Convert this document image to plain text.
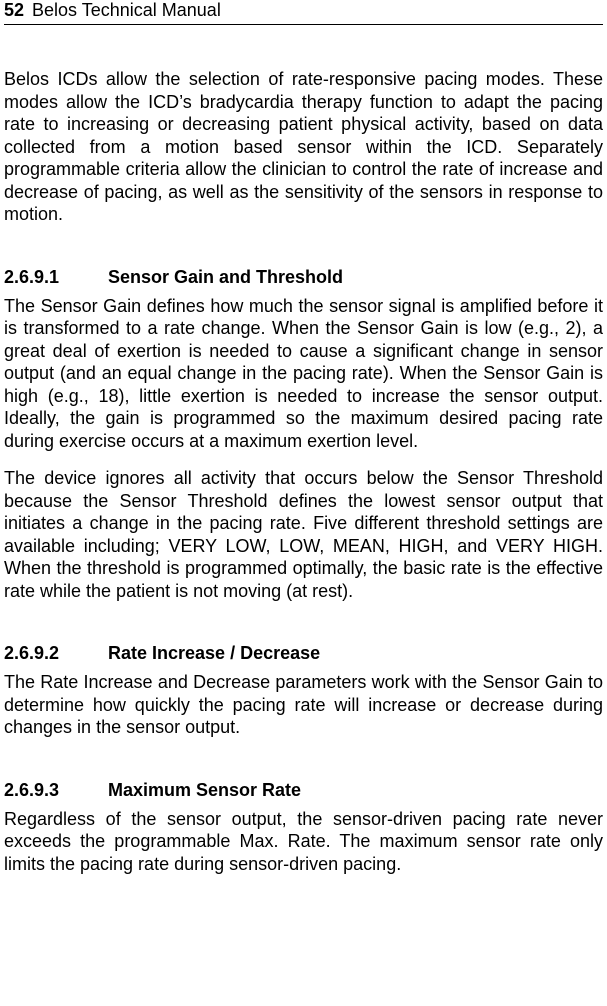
52 Belos Technical Manual

Belos ICDs allow the selection of rate-responsive pacing modes. These modes allow the ICD’s bradycardia therapy function to adapt the pacing rate to increasing or decreasing patient physical activity, based on data collected from a motion based sensor within the ICD. Separately programmable criteria allow the clinician to control the rate of increase and decrease of pacing, as well as the sensitivity of the sensors in response to motion.

2.6.9.1	Sensor Gain and Threshold

The Sensor Gain defines how much the sensor signal is amplified before it is transformed to a rate change. When the Sensor Gain is low (e.g., 2), a great deal of exertion is needed to cause a significant change in sensor output (and an equal change in the pacing rate). When the Sensor Gain is high (e.g., 18), little exertion is needed to increase the sensor output. Ideally, the gain is programmed so the maximum desired pacing rate during exercise occurs at a maximum exertion level.

The device ignores all activity that occurs below the Sensor Threshold because the Sensor Threshold defines the lowest sensor output that initiates a change in the pacing rate. Five different threshold settings are available including; VERY LOW, LOW, MEAN, HIGH, and VERY HIGH. When the threshold is programmed optimally, the basic rate is the effective rate while the patient is not moving (at rest).

2.6.9.2	Rate Increase / Decrease

The Rate Increase and Decrease parameters work with the Sensor Gain to determine how quickly the pacing rate will increase or decrease during changes in the sensor output.

2.6.9.3	Maximum Sensor Rate

Regardless of the sensor output, the sensor-driven pacing rate never exceeds the programmable Max. Rate. The maximum sensor rate only limits the pacing rate during sensor-driven pacing.
